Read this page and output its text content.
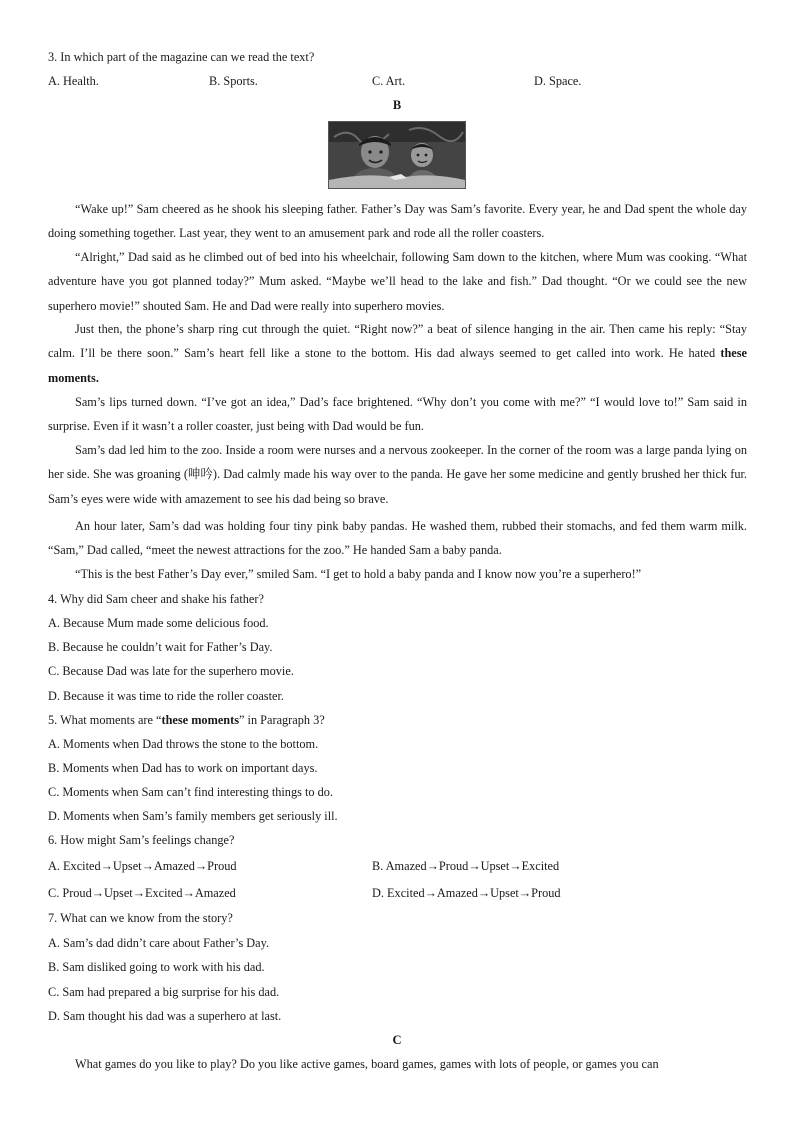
3. In which part of the magazine can we read the text?
A. Health.	B. Sports.	C. Art.	D. Space.
B
“Wake up!” Sam cheered as he shook his sleeping father. Father’s Day was Sam’s favorite. Every year, he and Dad spent the whole day doing something together. Last year, they went to an amusement park and rode all the roller coasters.
“Alright,” Dad said as he climbed out of bed into his wheelchair, following Sam down to the kitchen, where Mum was cooking. “What adventure have you got planned today?” Mum asked. “Maybe we’ll head to the lake and fish.” Dad thought. “Or we could see the new superhero movie!” shouted Sam. He and Dad were really into superhero movies.
Just then, the phone’s sharp ring cut through the quiet. “Right now?” a beat of silence hanging in the air. Then came his reply: “Stay calm. I’ll be there soon.” Sam’s heart fell like a stone to the bottom. His dad always seemed to get called into work. He hated these moments.
Sam’s lips turned down. “I’ve got an idea,” Dad’s face brightened. “Why don’t you come with me?” “I would love to!” Sam said in surprise. Even if it wasn’t a roller coaster, just being with Dad would be fun.
Sam’s dad led him to the zoo. Inside a room were nurses and a nervous zookeeper. In the corner of the room was a large panda lying on her side. She was groaning (呻吟). Dad calmly made his way over to the panda. He gave her some medicine and gently brushed her thick fur. Sam’s eyes were wide with amazement to see his dad being so brave.
An hour later, Sam’s dad was holding four tiny pink baby pandas. He washed them, rubbed their stomachs, and fed them warm milk. “Sam,” Dad called, “meet the newest attractions for the zoo.” He handed Sam a baby panda.
“This is the best Father’s Day ever,” smiled Sam. “I get to hold a baby panda and I know now you’re a superhero!”
4. Why did Sam cheer and shake his father?
A. Because Mum made some delicious food.
B. Because he couldn’t wait for Father’s Day.
C. Because Dad was late for the superhero movie.
D. Because it was time to ride the roller coaster.
5. What moments are “these moments” in Paragraph 3?
A. Moments when Dad throws the stone to the bottom.
B. Moments when Dad has to work on important days.
C. Moments when Sam can’t find interesting things to do.
D. Moments when Sam’s family members get seriously ill.
6. How might Sam’s feelings change?
A. Excited→Upset→Amazed→Proud	B. Amazed→Proud→Upset→Excited
C. Proud→Upset→Excited→Amazed	D. Excited→Amazed→Upset→Proud
7. What can we know from the story?
A. Sam’s dad didn’t care about Father’s Day.
B. Sam disliked going to work with his dad.
C. Sam had prepared a big surprise for his dad.
D. Sam thought his dad was a superhero at last.
C
What games do you like to play? Do you like active games, board games, games with lots of people, or games you can
